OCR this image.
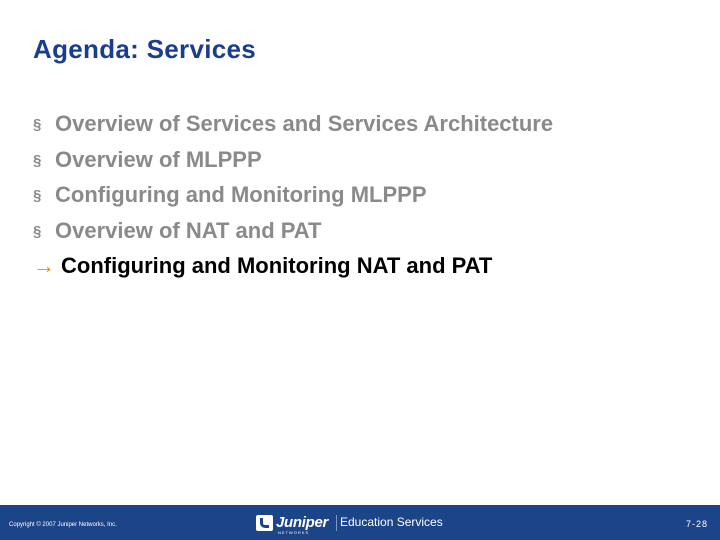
Agenda: Services
§ Overview of Services and Services Architecture
§ Overview of MLPPP
§ Configuring and Monitoring MLPPP
§ Overview of NAT and PAT
→ Configuring and Monitoring NAT and PAT
Copyright © 2007 Juniper Networks, Inc.	Juniper
NETWORKS
Education Services	7-28
